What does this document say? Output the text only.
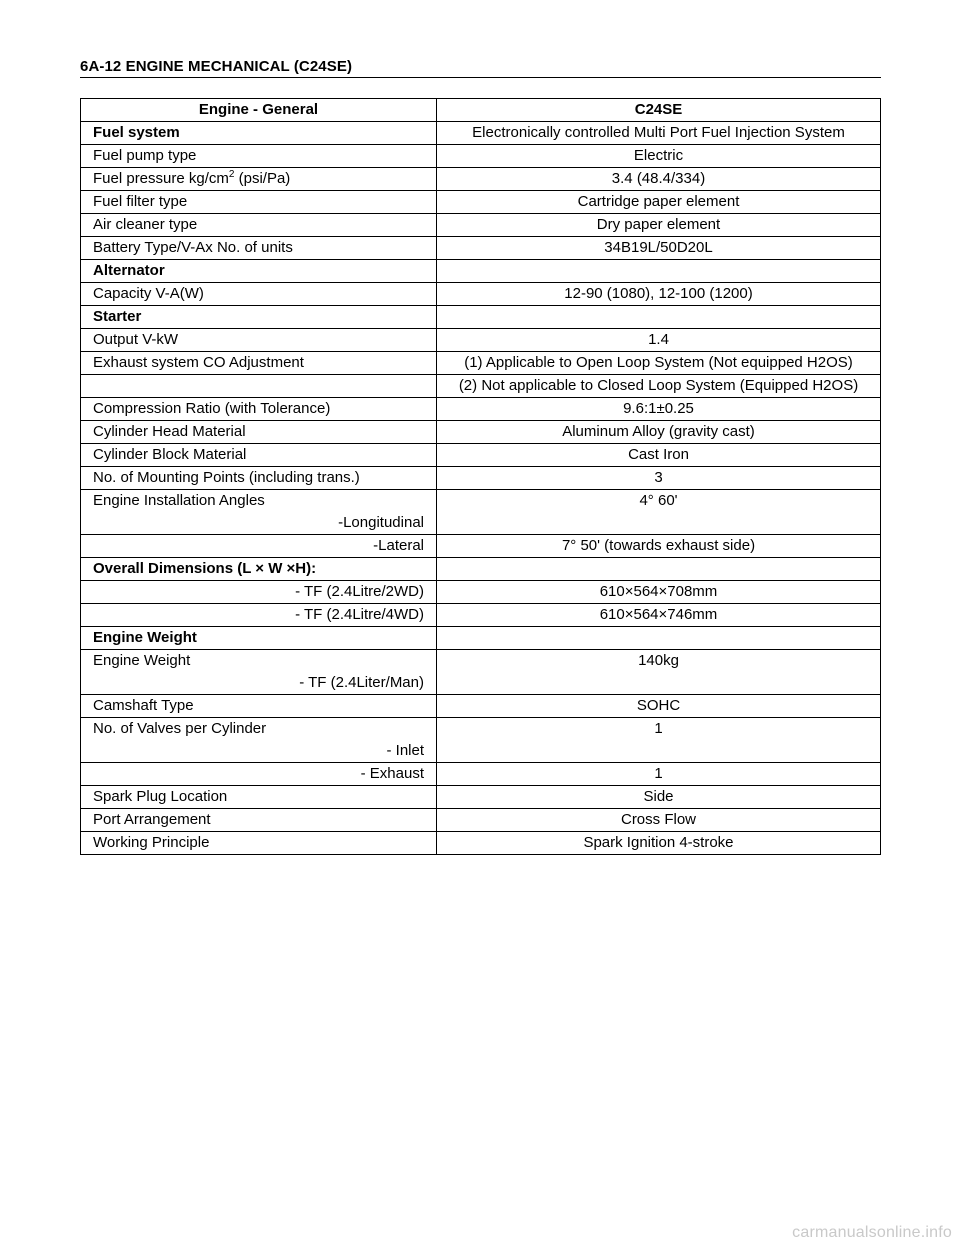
6A-12 ENGINE MECHANICAL (C24SE)
Engine - General	C24SE
Fuel system	Electronically controlled Multi Port Fuel Injection System
Fuel pump type	Electric
Fuel pressure $kg/cm^2$ (psi/Pa)	3.4 (48.4/334)
Fuel filter type	Cartridge paper element
Air cleaner type	Dry paper element
Battery Type/V-Ax No. of units	34B19L/50D20L
Alternator	
Capacity V-A(W)	12-90 (1080), 12-100 (1200)
Starter	
Output V-kW	1.4
Exhaust system CO Adjustment	(1) Applicable to Open Loop System (Not equipped H2OS)
	(2) Not applicable to Closed Loop System (Equipped H2OS)
Compression Ratio (with Tolerance)	9.6:1±0.25
Cylinder Head Material	Aluminum Alloy (gravity cast)
Cylinder Block Material	Cast Iron
No. of Mounting Points (including trans.)	3

Engine Installation Angles
-Longitudinal	4° 60'
-Lateral	7° 50' (towards exhaust side)
Overall Dimensions (L × W ×H):	
- TF (2.4Litre/2WD)	610×564×708mm
- TF (2.4Litre/4WD)	610×564×746mm
Engine Weight	

Engine Weight
- TF (2.4Liter/Man)	140kg
Camshaft Type	SOHC

No. of Valves per Cylinder
- Inlet	1
- Exhaust	1
Spark Plug Location	Side
Port Arrangement	Cross Flow
Working Principle	Spark Ignition 4-stroke
carmanualsonline.info
